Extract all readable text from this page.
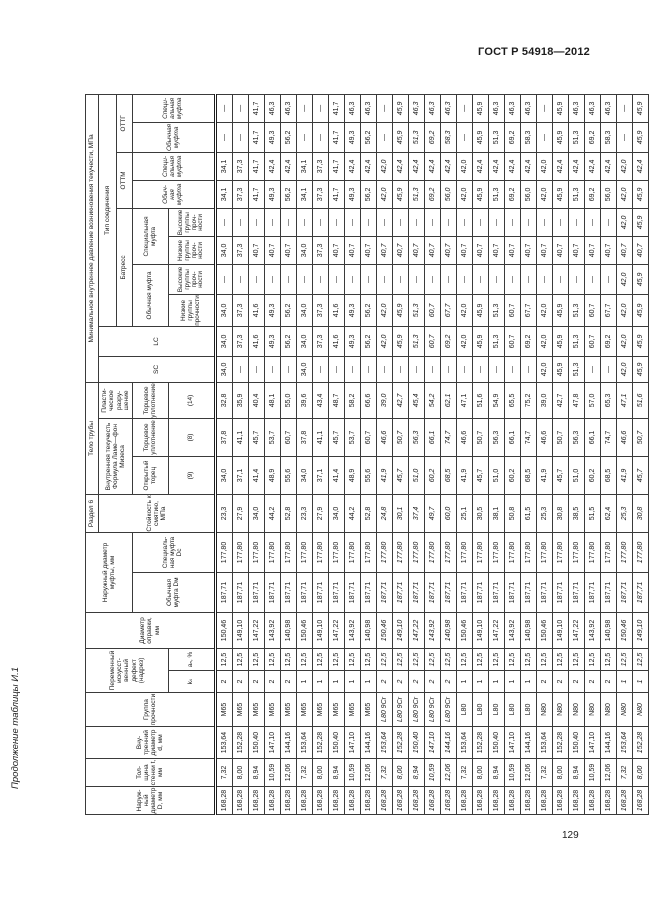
ГОСТ Р 54918—2012
Продолжение таблицы И.1
Наружный диаметр D, мм	Толщина стенки t, мм	Внутренний диаметр d, мм	Группа прочности	Переменный искусственный дефект (надрез)		Диаметр оправки, мм	Наружный диаметр муфты, мм		Раздел 6	Тело трубы			Минимальное внутреннее давление возникновения текучести, МПа									
									Стойкость к смятию, МПа	Внутренняя текучесть Формула Ламе—фон Мизеса		Пластическое разрушение	SC	LC	Тип соединения							
															Батресс				ОТТМ		ОТТГ	
							Обычная муфта Dм	Специальная муфта Dс		Открытый торец	Торцевое уплотнение	Торцевое уплотнение			Обычная муфта		Специальная муфта		Обычная муфта	Специальная муфта	Обычная муфта	Специальная муфта
				kₛ	aₙ, %					(9)	(8)	(14)			Низкие группы прочности	Высокие группы прочности	Низкие группы прочности	Высокие группы прочности				
168,28	7,32	153,64	М65	2	12,5	150,46	187,71	177,80	23,3	34,0	37,8	32,8	34,0	34,0	34,0	—	34,0	—	34,1	34,1	—	—
168,28	8,00	152,28	М65	2	12,5	149,10	187,71	177,80	27,9	37,1	41,1	35,9	—	37,3	37,3	—	37,3	—	37,3	37,3	—	—
168,28	8,94	150,40	М65	2	12,5	147,22	187,71	177,80	34,0	41,4	45,7	40,4	—	41,6	41,6	—	40,7	—	41,7	41,7	41,7	41,7
168,28	10,59	147,10	М65	2	12,5	143,92	187,71	177,80	44,2	48,9	53,7	48,1	—	49,3	49,3	—	40,7	—	49,3	42,4	49,3	46,3
168,28	12,06	144,16	М65	2	12,5	140,98	187,71	177,80	52,8	55,6	60,7	55,0	—	56,2	56,2	—	40,7	—	56,2	42,4	56,2	46,3
168,28	7,32	153,64	М65	1	12,5	150,46	187,71	177,80	23,3	34,0	37,8	39,6	34,0	34,0	34,0	—	34,0	—	34,1	34,1	—	—
168,28	8,00	152,28	М65	1	12,5	149,10	187,71	177,80	27,9	37,1	41,1	43,4	—	37,3	37,3	—	37,3	—	37,3	37,3	—	—
168,28	8,94	150,40	М65	1	12,5	147,22	187,71	177,80	34,0	41,4	45,7	48,7	—	41,6	41,6	—	40,7	—	41,7	41,7	41,7	41,7
168,28	10,59	147,10	М65	1	12,5	143,92	187,71	177,80	44,2	48,9	53,7	58,2	—	49,3	49,3	—	40,7	—	49,3	42,4	49,3	46,3
168,28	12,06	144,16	М65	1	12,5	140,98	187,71	177,80	52,8	55,6	60,7	66,6	—	56,2	56,2	—	40,7	—	56,2	42,4	56,2	46,3
168,28	7,32	153,64	L80 9Cr	2	12,5	150,46	187,71	177,80	24,8	41,9	46,6	39,0	—	42,0	42,0	—	40,7	—	42,0	42,0	—	—
168,28	8,00	152,28	L80 9Cr	2	12,5	149,10	187,71	177,80	30,1	45,7	50,7	42,7	—	45,9	45,9	—	40,7	—	45,9	42,4	45,9	45,9
168,28	8,94	150,40	L80 9Cr	2	12,5	147,22	187,71	177,80	37,4	51,0	56,3	45,4	—	51,3	51,3	—	40,7	—	51,3	42,4	51,3	46,3
168,28	10,59	147,10	L80 9Cr	2	12,5	143,92	187,71	177,80	49,7	60,2	66,1	54,2	—	60,7	60,7	—	40,7	—	69,2	42,4	69,2	46,3
168,28	12,06	144,16	L80 9Cr	2	12,5	140,98	187,71	177,80	60,0	68,5	74,7	62,1	—	69,2	67,7	—	40,7	—	56,0	42,4	58,3	46,3
168,28	7,32	153,64	L80	1	12,5	150,46	187,71	177,80	25,1	41,9	46,6	47,1	—	42,0	42,0	—	40,7	—	42,0	42,0	—	—
168,28	8,00	152,28	L80	1	12,5	149,10	187,71	177,80	30,5	45,7	50,7	51,6	—	45,9	45,9	—	40,7	—	45,9	42,4	45,9	45,9
168,28	8,94	150,40	L80	1	12,5	147,22	187,71	177,80	38,1	51,0	56,3	54,9	—	51,3	51,3	—	40,7	—	51,3	42,4	51,3	46,3
168,28	10,59	147,10	L80	1	12,5	143,92	187,71	177,80	50,8	60,2	66,1	65,5	—	60,7	60,7	—	40,7	—	69,2	42,4	69,2	46,3
168,28	12,06	144,16	L80	1	12,5	140,98	187,71	177,80	61,5	68,5	74,7	75,2	—	69,2	67,7	—	40,7	—	56,0	42,4	58,3	46,3
168,28	7,32	153,64	N80	2	12,5	150,46	187,71	177,80	25,3	41,9	46,6	39,0	42,0	42,0	42,0	—	40,7	—	42,0	42,0	—	—
168,28	8,00	152,28	N80	2	12,5	149,10	187,71	177,80	30,8	45,7	50,7	42,7	45,9	45,9	45,9	—	40,7	—	45,9	42,4	45,9	45,9
168,28	8,94	150,40	N80	2	12,5	147,22	187,71	177,80	38,5	51,0	56,3	47,8	51,3	51,3	51,3	—	40,7	—	51,3	42,4	51,3	46,3
168,28	10,59	147,10	N80	2	12,5	143,92	187,71	177,80	51,5	60,2	66,1	57,0	—	60,7	60,7	—	40,7	—	69,2	42,4	69,2	46,3
168,28	12,06	144,16	N80	2	12,5	140,98	187,71	177,80	62,4	68,5	74,7	65,3	—	69,2	67,7	—	40,7	—	56,0	42,4	58,3	46,3
168,28	7,32	153,64	N80	1	12,5	150,46	187,71	177,80	25,3	41,9	46,6	47,1	42,0	42,0	42,0	42,0	40,7	42,0	42,0	42,0	—	—
168,28	8,00	152,28	N80	1	12,5	149,10	187,71	177,80	30,8	45,7	50,7	51,6	45,9	45,9	45,9	45,9	40,7	45,9	45,9	42,4	45,9	45,9
129
